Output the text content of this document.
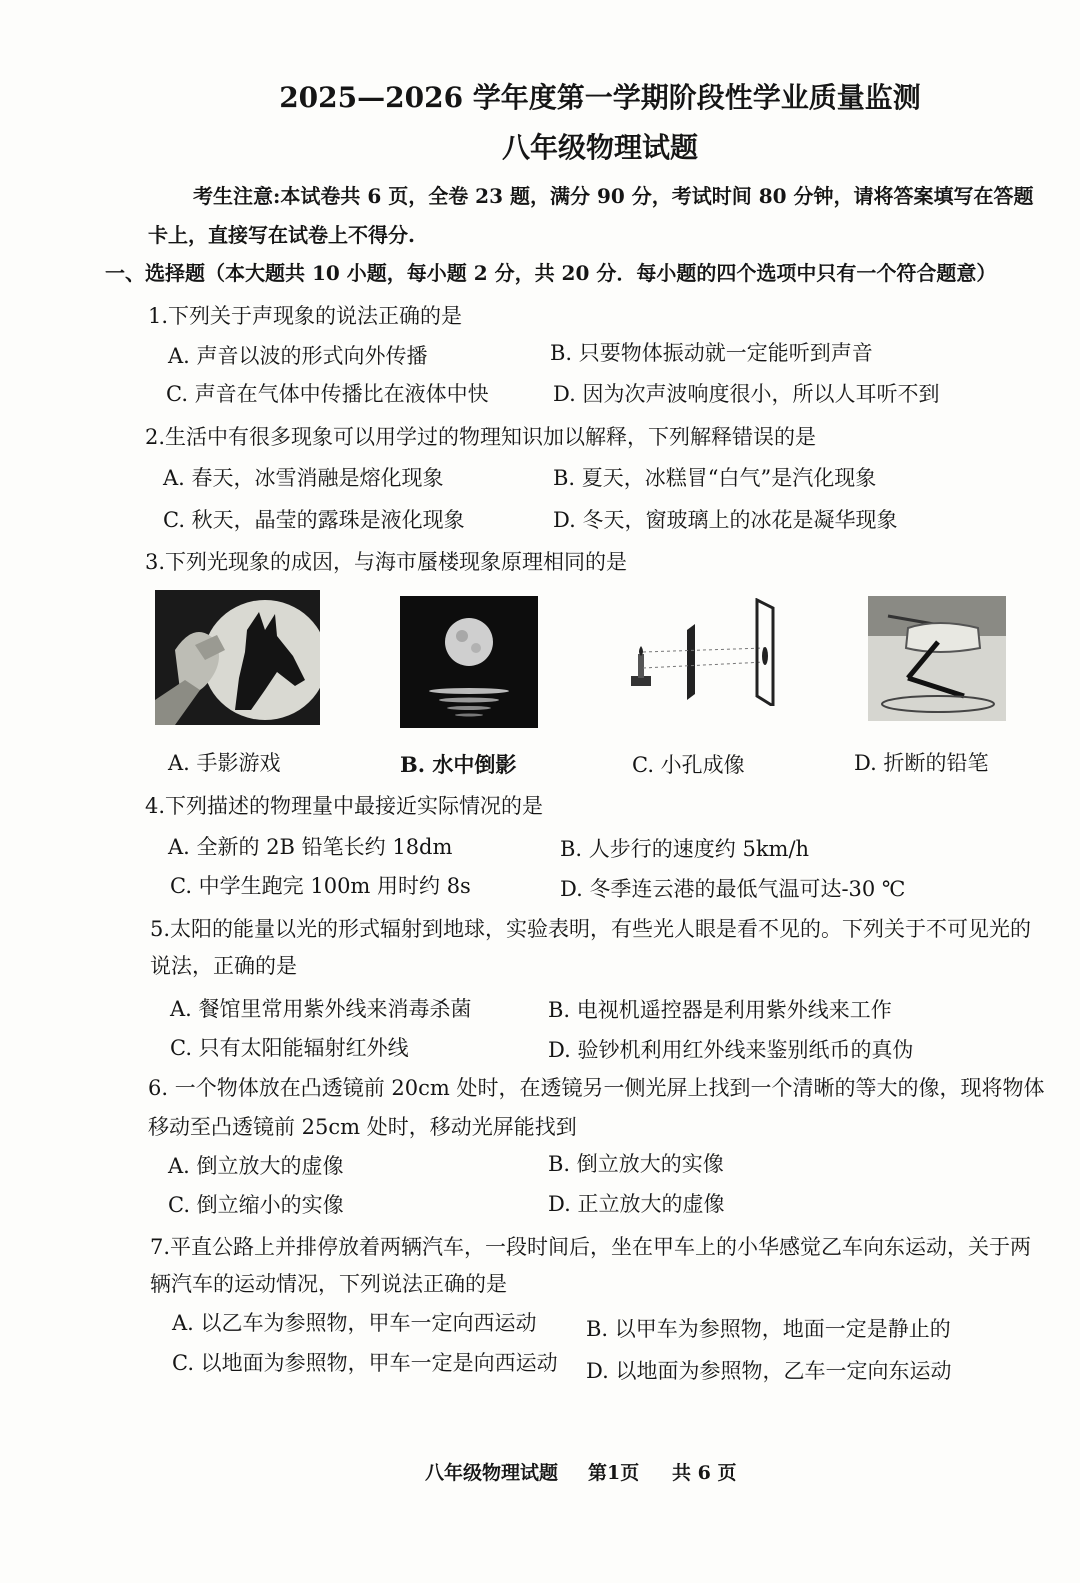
2025—2026 学年度第一学期阶段性学业质量监测
八年级物理试题
考生注意:本试卷共 6 页，全卷 23 题，满分 90 分，考试时间 80 分钟，请将答案填写在答题
卡上，直接写在试卷上不得分.
一、选择题（本大题共 10 小题，每小题 2 分，共 20 分．每小题的四个选项中只有一个符合题意）
1.下列关于声现象的说法正确的是
A. 声音以波的形式向外传播	B. 只要物体振动就一定能听到声音
C. 声音在气体中传播比在液体中快	D. 因为次声波响度很小，所以人耳听不到
2.生活中有很多现象可以用学过的物理知识加以解释，下列解释错误的是
A. 春天，冰雪消融是熔化现象	B. 夏天，冰糕冒“白气”是汽化现象
C. 秋天，晶莹的露珠是液化现象	D. 冬天，窗玻璃上的冰花是凝华现象
3.下列光现象的成因，与海市蜃楼现象原理相同的是
A. 手影游戏	B. 水中倒影	C. 小孔成像	D. 折断的铅笔
4.下列描述的物理量中最接近实际情况的是
A. 全新的 2B 铅笔长约 18dm	B. 人步行的速度约 5km/h
C. 中学生跑完 100m 用时约 8s	D. 冬季连云港的最低气温可达-30 ℃
5.太阳的能量以光的形式辐射到地球，实验表明，有些光人眼是看不见的。下列关于不可见光的
说法，正确的是
A. 餐馆里常用紫外线来消毒杀菌	B. 电视机遥控器是利用紫外线来工作
C. 只有太阳能辐射红外线	D. 验钞机利用红外线来鉴别纸币的真伪
6. 一个物体放在凸透镜前 20cm 处时，在透镜另一侧光屏上找到一个清晰的等大的像，现将物体
移动至凸透镜前 25cm 处时，移动光屏能找到
A. 倒立放大的虚像	B. 倒立放大的实像
C. 倒立缩小的实像	D. 正立放大的虚像
7.平直公路上并排停放着两辆汽车，一段时间后，坐在甲车上的小华感觉乙车向东运动，关于两
辆汽车的运动情况，下列说法正确的是
A. 以乙车为参照物，甲车一定向西运动 B. 以甲车为参照物，地面一定是静止的
C. 以地面为参照物，甲车一定是向西运动 D. 以地面为参照物，乙车一定向东运动
八年级物理试题 第1页 共 6 页
